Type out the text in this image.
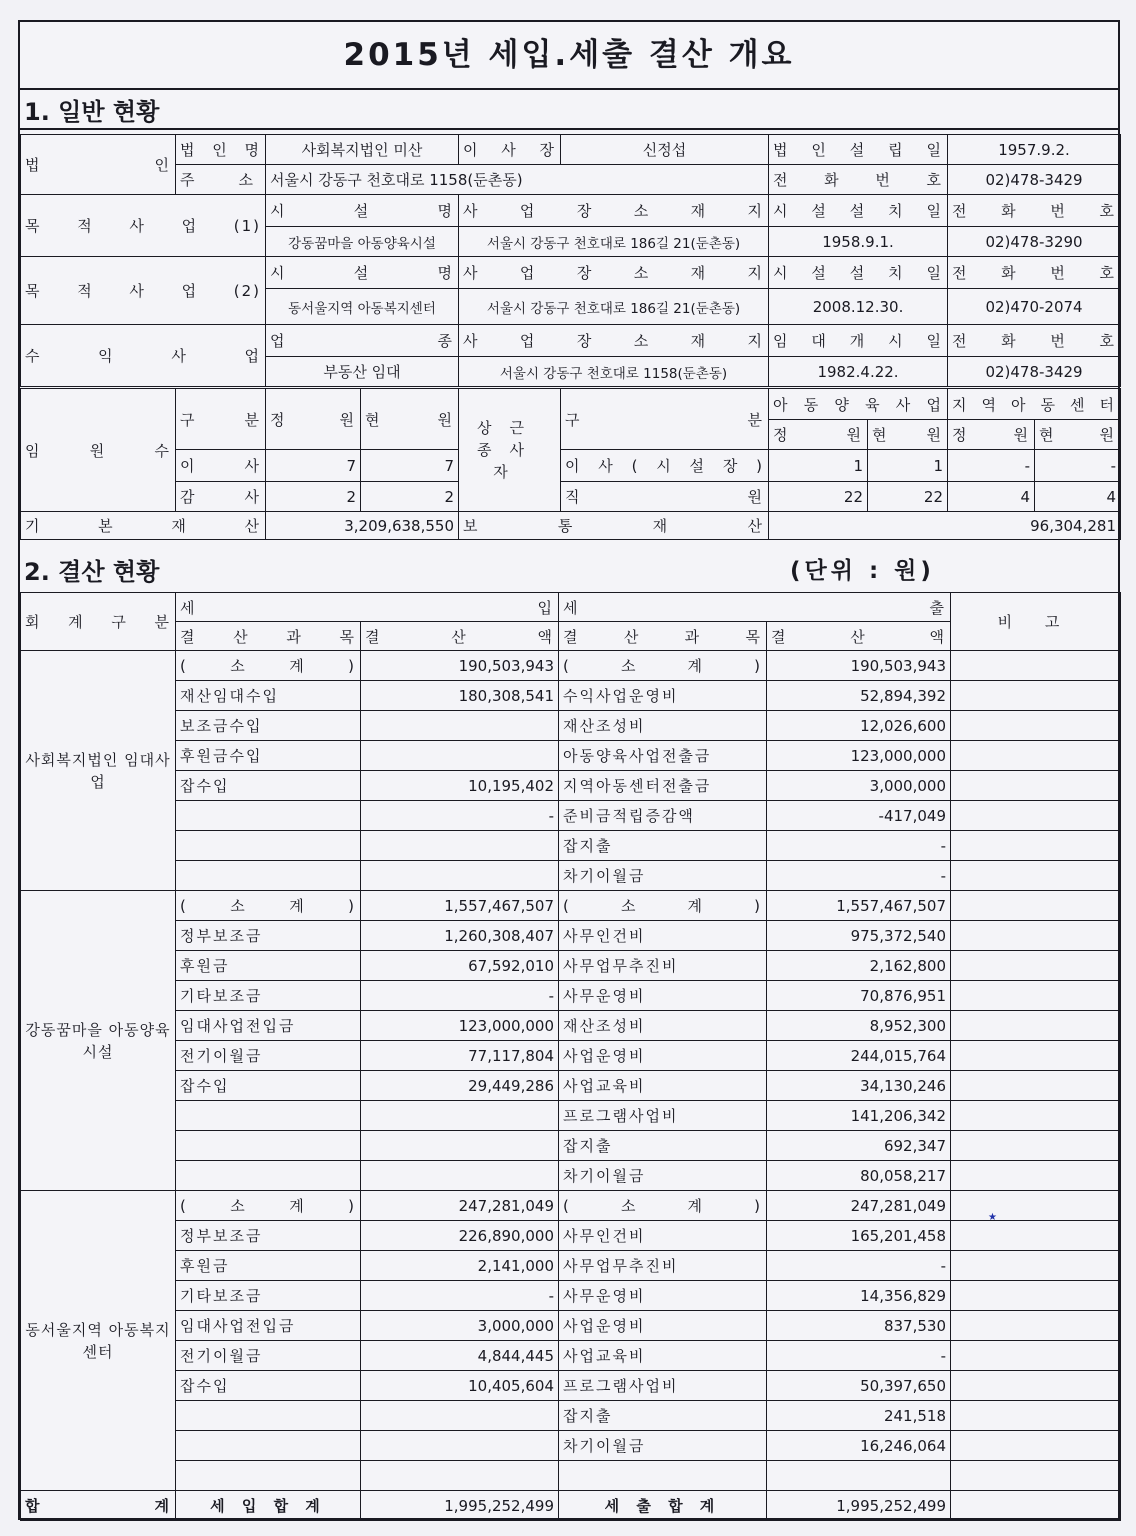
2015년 세입.세출 결산 개요
1. 일반 현황
법 인	법 인 명	사회복지법인 미산	이 사 장	신정섭	법 인 설 립 일	1957.9.2.
	주 소	서울시 강동구 천호대로 1158(둔촌동)			전 화 번 호	02)478-3429
목 적 사 업 (1)		시 설 명	사 업 장 소 재 지		시 설 설 치 일	전 화 번 호
		강동꿈마을 아동양육시설	서울시 강동구 천호대로 186길 21(둔촌동)		1958.9.1.	02)478-3290
목 적 사 업 (2)		시 설 명	사 업 장 소 재 지		시 설 설 치 일	전 화 번 호
		동서울지역 아동복지센터	서울시 강동구 천호대로 186길 21(둔촌동)		2008.12.30.	02)470-2074
수 익 사 업		업 종	사 업 장 소 재 지		임 대 개 시 일	전 화 번 호
		부동산 임대	서울시 강동구 천호대로 1158(둔촌동)		1982.4.22.	02)478-3429
임 원 수	구 분	정 원	현 원	상근 종사자	구 분	아 동 양 육 사 업		지 역 아 동 센 터	
						정 원	현 원	정 원	현 원
	이 사	7	7		이 사 ( 시 설 장 )	1	1	-	-
	감 사	2	2		직 원	22	22	4	4
기 본 재 산		3,209,638,550		보 통 재 산		96,304,281			
2. 결산 현황	(단위 : 원)
회 계 구 분	세 입		세 출		비 고
	결 산 과 목	결 산 액	결 산 과 목	결 산 액	
사회복지법인 임대사업	( 소 계 )	190,503,943	( 소 계 )	190,503,943	
	재산임대수입	180,308,541	수익사업운영비	52,894,392	
	보조금수입		재산조성비	12,026,600	
	후원금수입		아동양육사업전출금	123,000,000	
	잡수입	10,195,402	지역아동센터전출금	3,000,000	
		-	준비금적립증감액	-417,049	
			잡지출	-	
			차기이월금	-	
강동꿈마을 아동양육시설	( 소 계 )	1,557,467,507	( 소 계 )	1,557,467,507	
	정부보조금	1,260,308,407	사무인건비	975,372,540	
	후원금	67,592,010	사무업무추진비	2,162,800	
	기타보조금	-	사무운영비	70,876,951	
	임대사업전입금	123,000,000	재산조성비	8,952,300	
	전기이월금	77,117,804	사업운영비	244,015,764	
	잡수입	29,449,286	사업교육비	34,130,246	
			프로그램사업비	141,206,342	
			잡지출	692,347	
			차기이월금	80,058,217	
동서울지역 아동복지센터	( 소 계 )	247,281,049	( 소 계 )	247,281,049	
	정부보조금	226,890,000	사무인건비	165,201,458	
	후원금	2,141,000	사무업무추진비	-	
	기타보조금	-	사무운영비	14,356,829	
	임대사업전입금	3,000,000	사업운영비	837,530	
	전기이월금	4,844,445	사업교육비	-	
	잡수입	10,405,604	프로그램사업비	50,397,650	
			잡지출	241,518	
			차기이월금	16,246,064	

합 계	세 입 합 계	1,995,252,499	세 출 합 계	1,995,252,499	
★
